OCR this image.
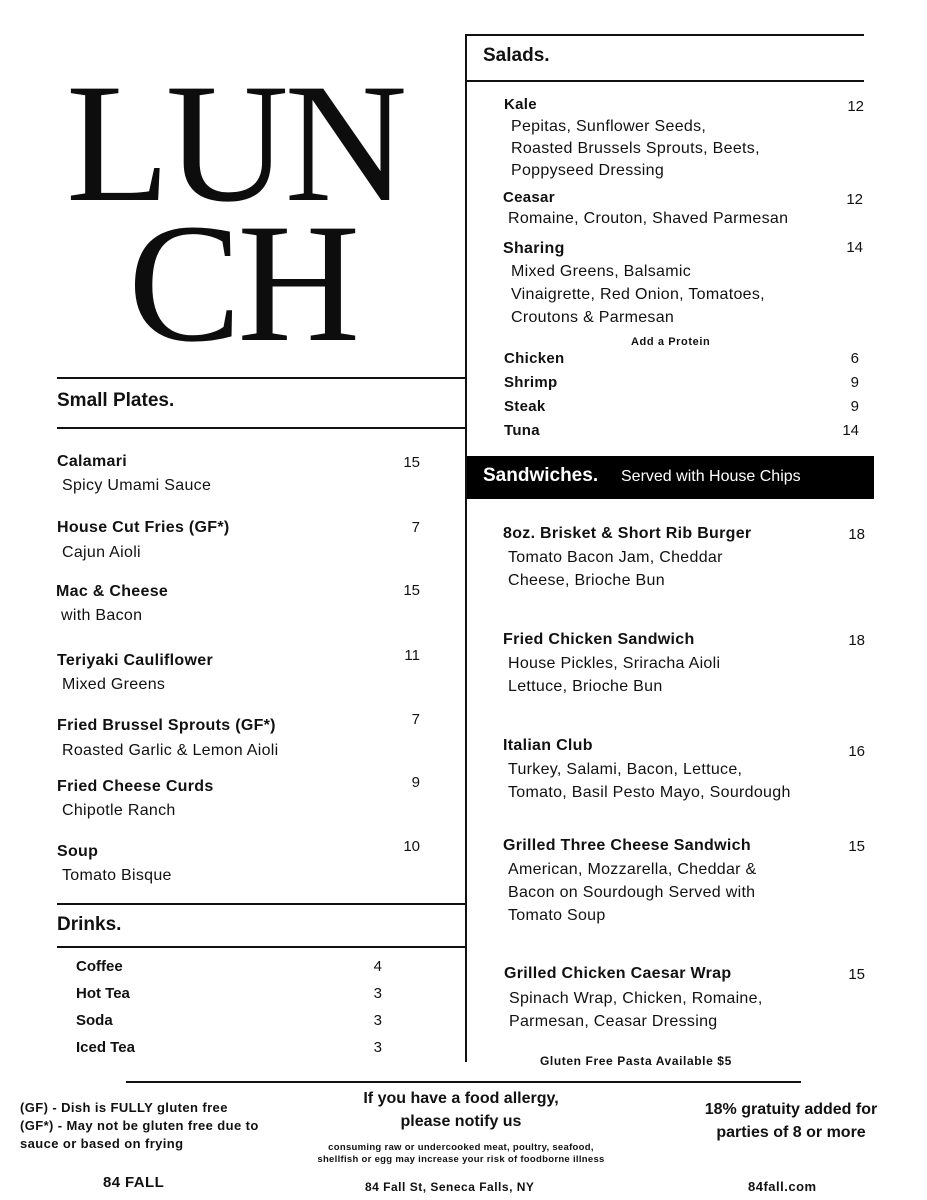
LUN
CH
Salads.
Kale	12
Pepitas, Sunflower Seeds,
Roasted Brussels Sprouts, Beets,
Poppyseed Dressing
Ceasar	12
Romaine, Crouton, Shaved Parmesan
Sharing	14
Mixed Greens, Balsamic
Vinaigrette, Red Onion, Tomatoes,
Croutons & Parmesan
Add a Protein
Chicken	6
Shrimp	9
Steak	9
Tuna	14
Sandwiches. Served with House Chips
8oz. Brisket & Short Rib Burger	18
Tomato Bacon Jam, Cheddar
Cheese, Brioche Bun
Fried Chicken Sandwich	18
House Pickles, Sriracha Aioli
Lettuce, Brioche Bun
Italian Club	16
Turkey, Salami, Bacon, Lettuce,
Tomato, Basil Pesto Mayo, Sourdough
Grilled Three Cheese Sandwich	15
American, Mozzarella, Cheddar &
Bacon on Sourdough Served with
Tomato Soup
Grilled Chicken Caesar Wrap	15
Spinach Wrap, Chicken, Romaine,
Parmesan, Ceasar Dressing
Gluten Free Pasta Available $5
Small Plates.
Calamari	15
Spicy Umami Sauce
House Cut Fries (GF*)	7
Cajun Aioli
Mac & Cheese	15
with Bacon
Teriyaki Cauliflower	11
Mixed Greens
Fried Brussel Sprouts (GF*)	7
Roasted Garlic & Lemon Aioli
Fried Cheese Curds	9
Chipotle Ranch
Soup	10
Tomato Bisque
Drinks.
Coffee	4
Hot Tea	3
Soda	3
Iced Tea	3
(GF) - Dish is FULLY gluten free
(GF*) - May not be gluten free due to
sauce or based on frying
If you have a food allergy,
please notify us
consuming raw or undercooked meat, poultry, seafood,
shellfish or egg may increase your risk of foodborne illness
18% gratuity added for
parties of 8 or more
84 FALL	84 Fall St, Seneca Falls, NY	84fall.com
